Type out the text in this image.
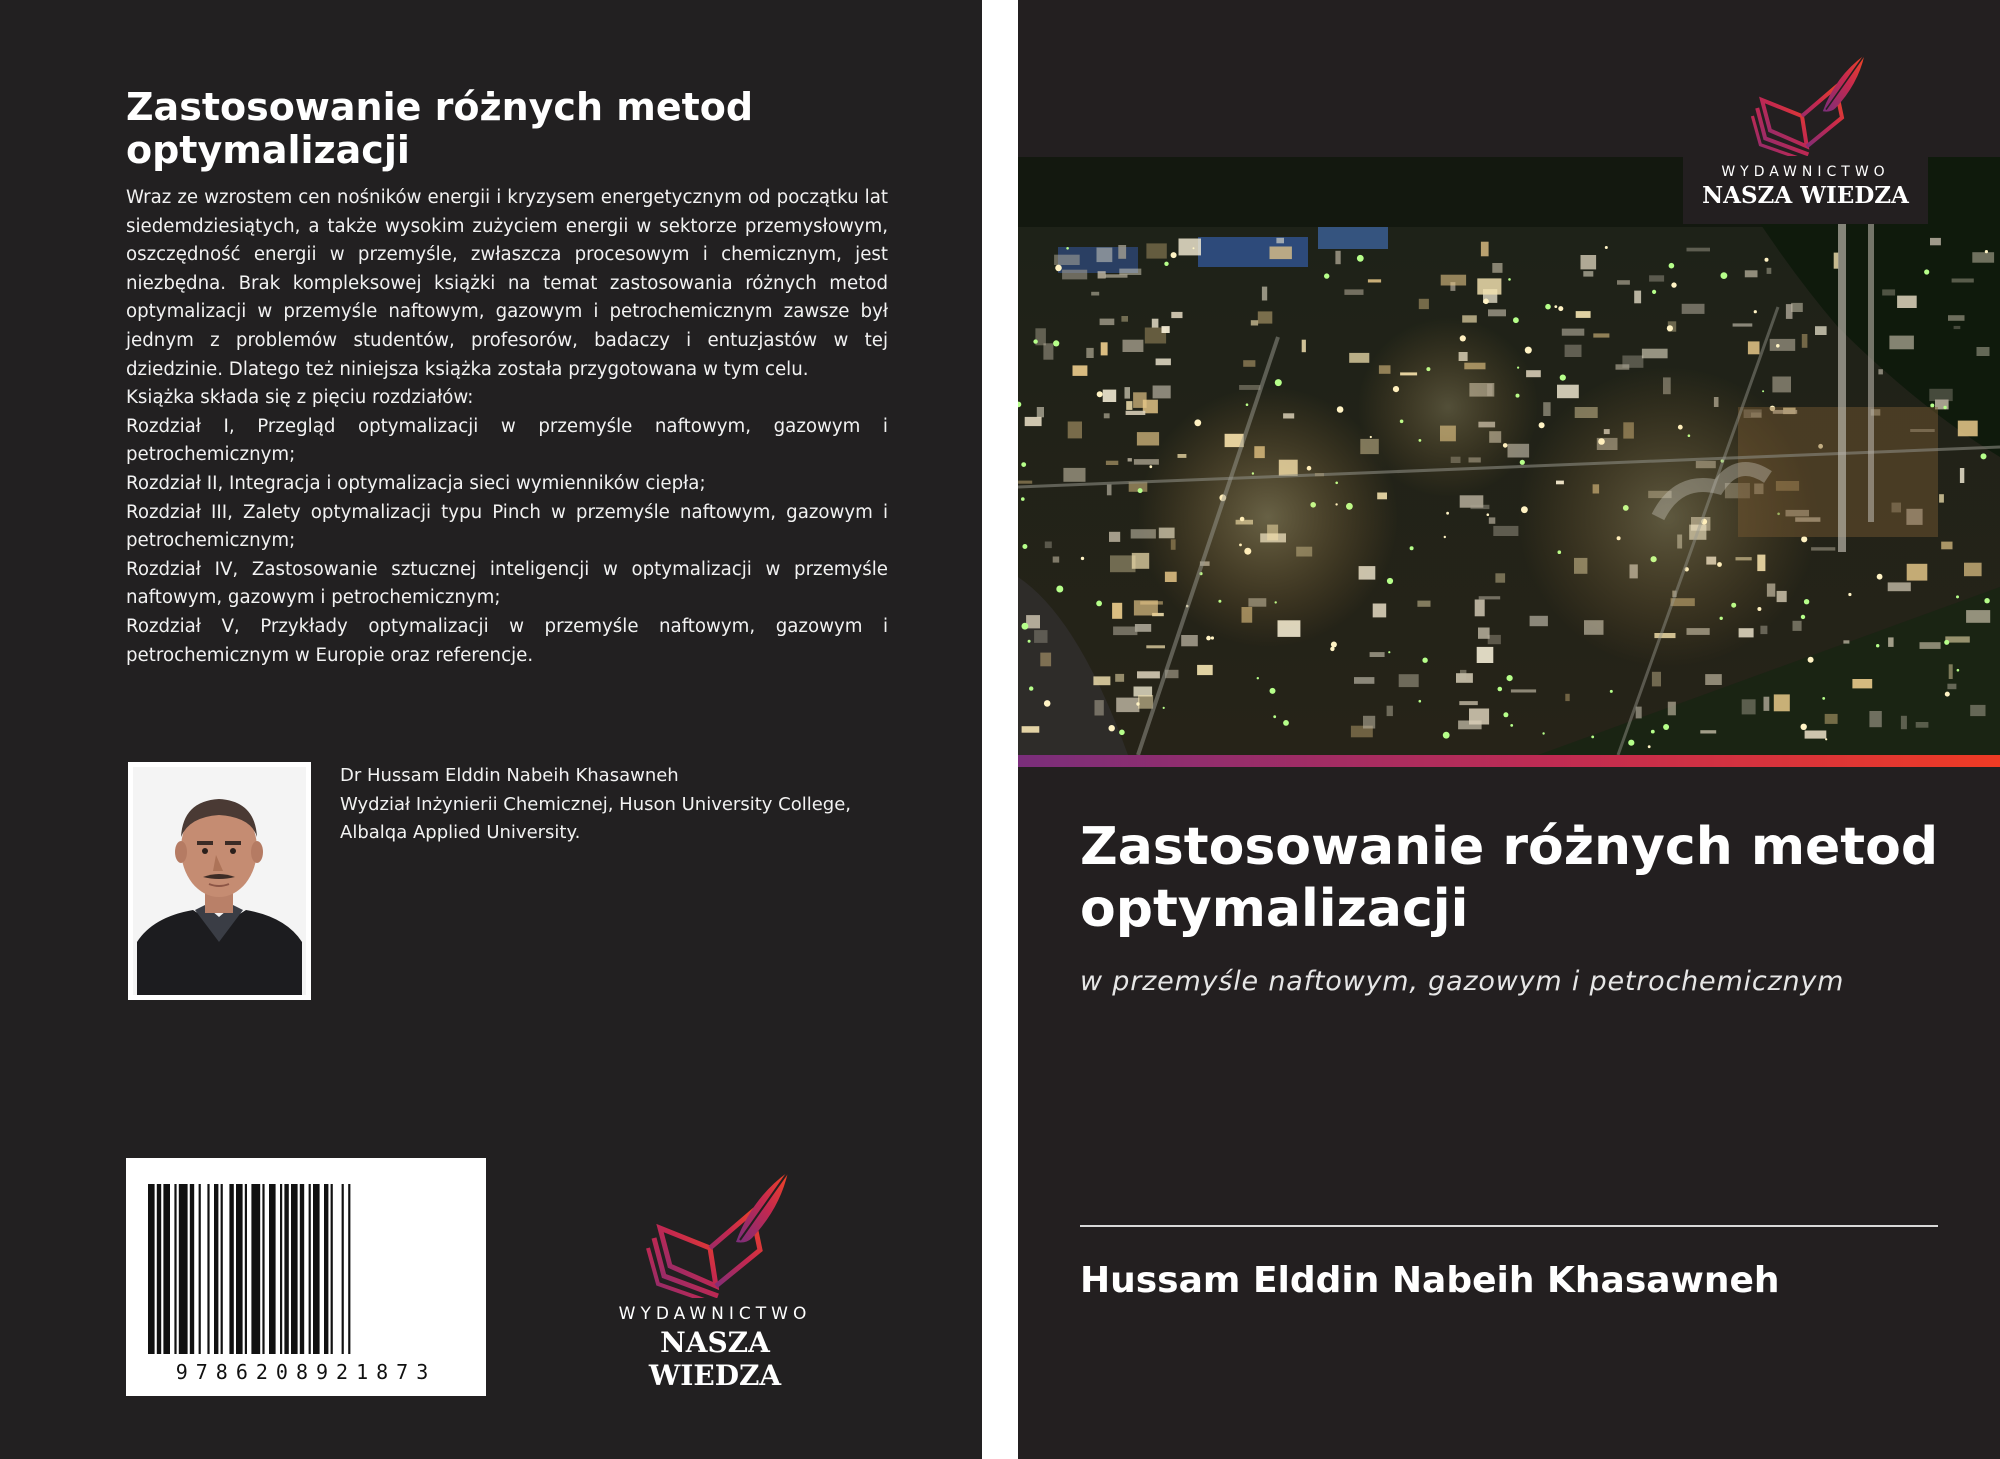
Zastosowanie różnych metod optymalizacji

Wraz ze wzrostem cen nośników energii i kryzysem energetycznym od początku lat siedemdziesiątych, a także wysokim zużyciem energii w sektorze przemysłowym, oszczędność energii w przemyśle, zwłaszcza procesowym i chemicznym, jest niezbędna. Brak kompleksowej książki na temat zastosowania różnych metod optymalizacji w przemyśle naftowym, gazowym i petrochemicznym zawsze był jednym z problemów studentów, profesorów, badaczy i entuzjastów w tej dziedzinie. Dlatego też niniejsza książka została przygotowana w tym celu.

Książka składa się z pięciu rozdziałów:

Rozdział I, Przegląd optymalizacji w przemyśle naftowym, gazowym i petrochemicznym;

Rozdział II, Integracja i optymalizacja sieci wymienników ciepła;

Rozdział III, Zalety optymalizacji typu Pinch w przemyśle naftowym, gazowym i petrochemicznym;

Rozdział IV, Zastosowanie sztucznej inteligencji w optymalizacji w przemyśle naftowym, gazowym i petrochemicznym;

Rozdział V, Przykłady optymalizacji w przemyśle naftowym, gazowym i petrochemicznym w Europie oraz referencje.

Dr Hussam Elddin Nabeih Khasawneh
Wydział Inżynierii Chemicznej, Huson University College,
Albalqa Applied University.
9786208921873
WYDAWNICTWO
NASZA WIEDZA
WYDAWNICTWO
NASZA WIEDZA
Zastosowanie różnych metod optymalizacji
w przemyśle naftowym, gazowym i petrochemicznym
Hussam Elddin Nabeih Khasawneh
